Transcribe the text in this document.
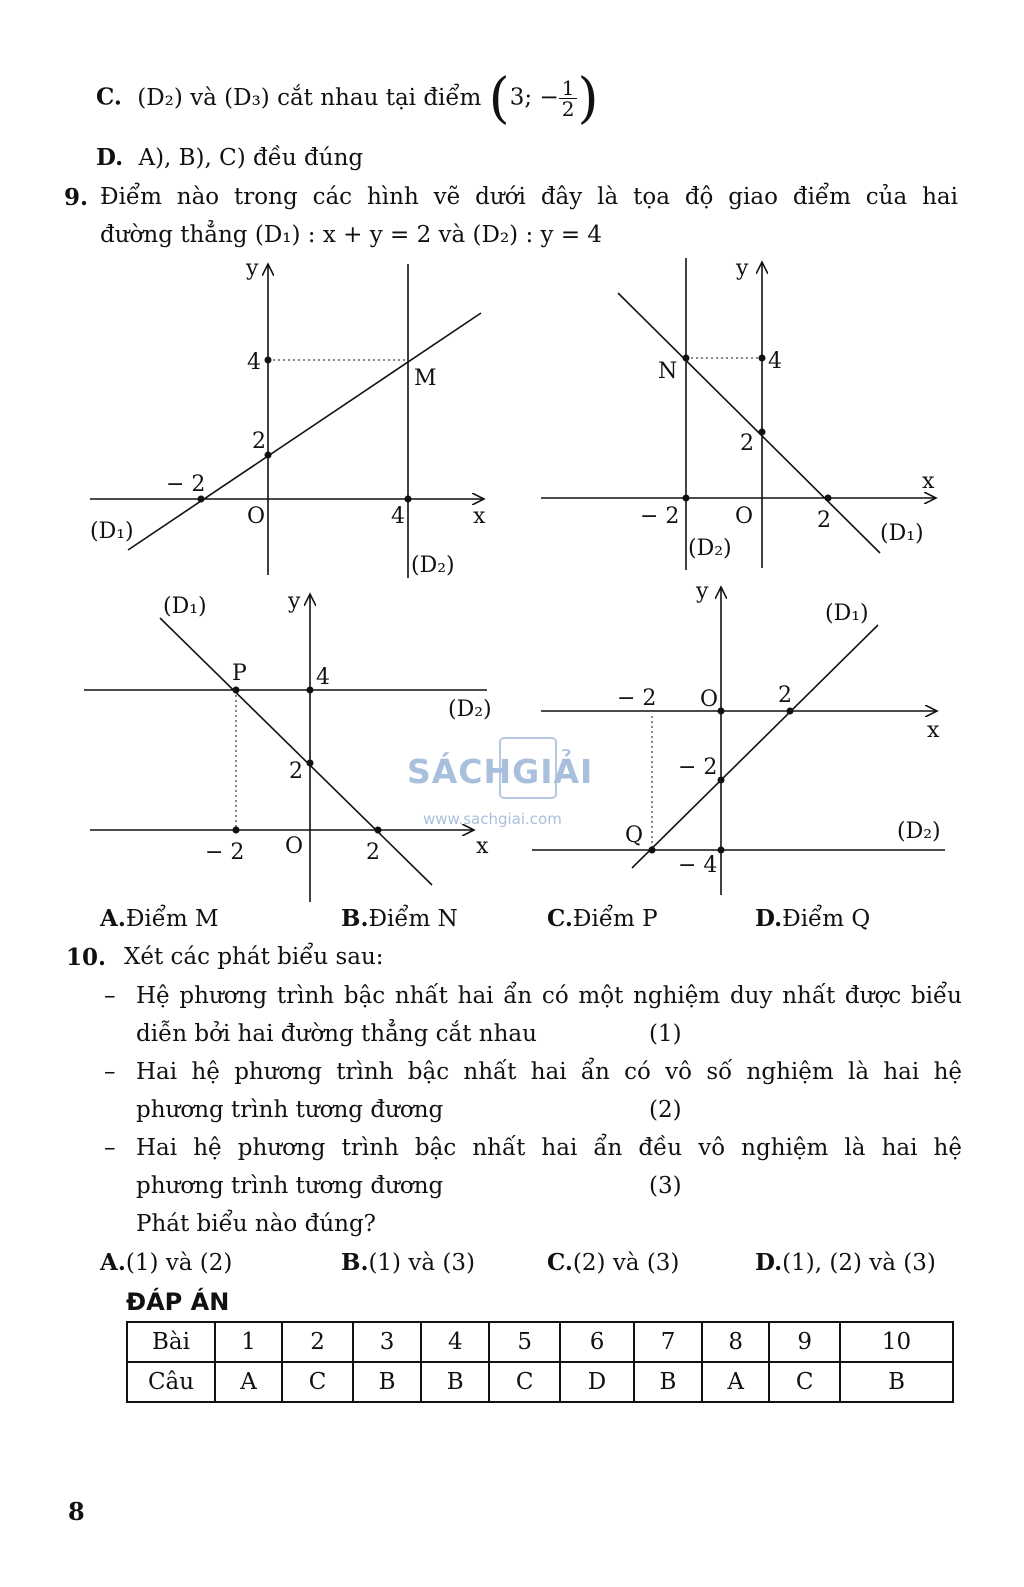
C. (D₂) và (D₃) cắt nhau tại điểm (3; − $\frac{1}{2}$ )
D. A), B), C) đều đúng
9. Điểm nào trong các hình vẽ dưới đây là tọa độ giao điểm của hai
đường thẳng (D₁) : x + y = 2 và (D₂) : y = 4
y
x
O
4
2
− 2
4
M
(D₁)
(D₂)
y
x
O
4
2
− 2	2
N
(D₁)
(D₂)
y
x
O
4
2
− 2	2
P
(D₁)
(D₂)
y
x
O
− 2	2
− 2
− 4
Q
(D₁)
(D₂)
SÁCHGIẢI
www.sachgiai.com
A.Điểm M	B.Điểm N	C.Điểm P	D.Điểm Q
10. Xét các phát biểu sau:
– Hệ phương trình bậc nhất hai ẩn có một nghiệm duy nhất được biểu
diễn bởi hai đường thẳng cắt nhau	(1)
– Hai hệ phương trình bậc nhất hai ẩn có vô số nghiệm là hai hệ
phương trình tương đương	(2)
– Hai hệ phương trình bậc nhất hai ẩn đều vô nghiệm là hai hệ
phương trình tương đương	(3)
Phát biểu nào đúng?
A.(1) và (2)	B.(1) và (3)	C.(2) và (3)	D.(1), (2) và (3)
ĐÁP ÁN
Bài	1	2	3	4	5	6	7	8	9	10
Câu	A	C	B	B	C	D	B	A	C	B
8
